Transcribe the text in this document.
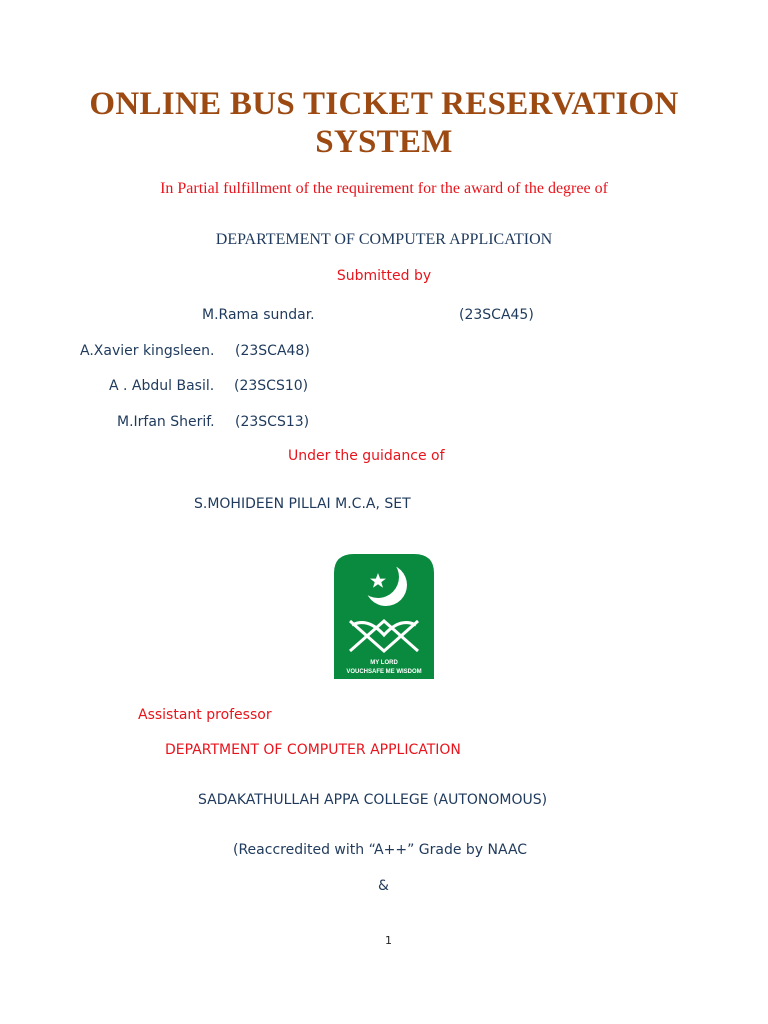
ONLINE BUS TICKET RESERVATION
SYSTEM
In Partial fulfillment of the requirement for the award of the degree of
DEPARTEMENT OF COMPUTER APPLICATION
Submitted by
M.Rama sundar.	(23SCA45)
A.Xavier kingsleen. (23SCA48)
A . Abdul Basil. (23SCS10)
M.Irfan Sherif. (23SCS13)
Under the guidance of
S.MOHIDEEN PILLAI M.C.A, SET
MY LORD
VOUCHSAFE ME WISDOM
Assistant professor
DEPARTMENT OF COMPUTER APPLICATION
SADAKATHULLAH APPA COLLEGE (AUTONOMOUS)
(Reaccredited with “A++” Grade by NAAC
&
1
